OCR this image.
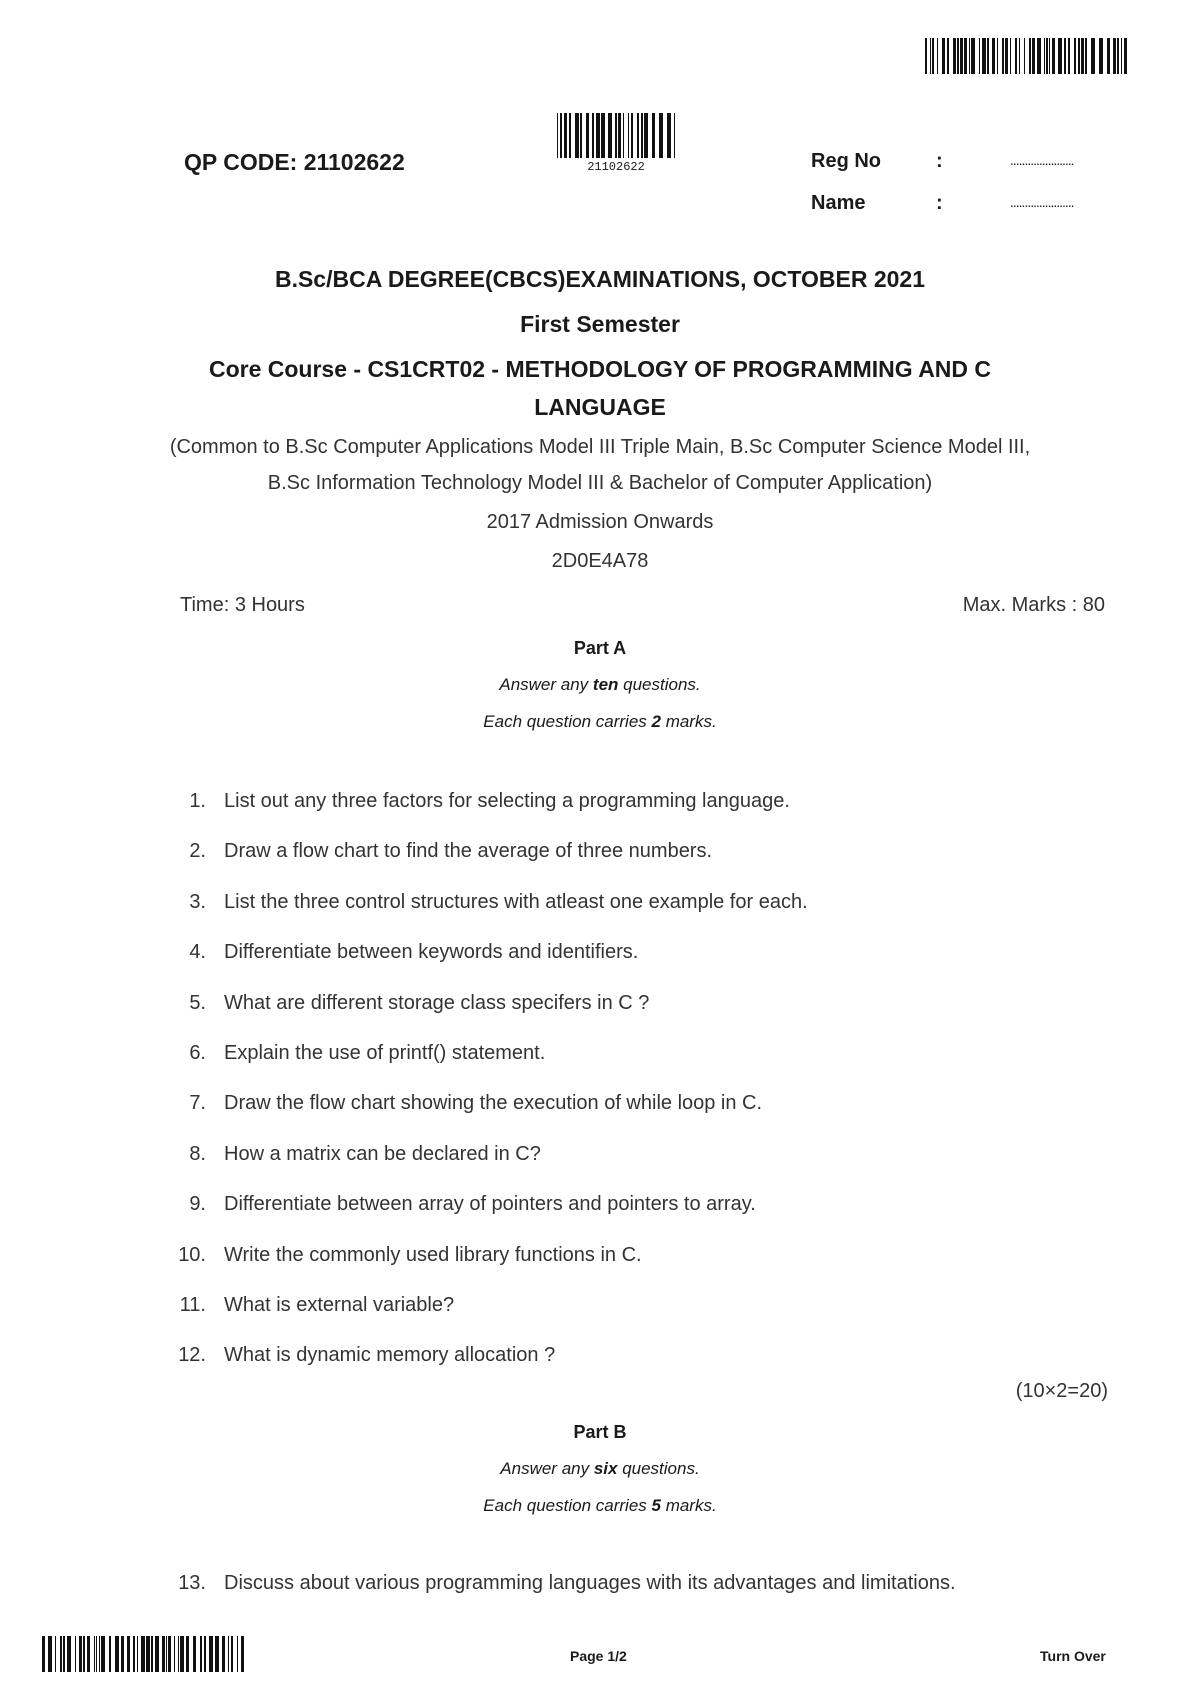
QP CODE: 21102622	21102622	Reg No	:	......................
Name	:	......................
B.Sc/BCA DEGREE(CBCS)EXAMINATIONS, OCTOBER 2021
First Semester
Core Course - CS1CRT02 - METHODOLOGY OF PROGRAMMING AND C
LANGUAGE
(Common to B.Sc Computer Applications Model III Triple Main, B.Sc Computer Science Model III,
B.Sc Information Technology Model III & Bachelor of Computer Application)
2017 Admission Onwards
2D0E4A78
Time: 3 Hours	Max. Marks : 80
Part A
Answer any ten questions.
Each question carries 2 marks.
1. List out any three factors for selecting a programming language.
2. Draw a flow chart to find the average of three numbers.
3. List the three control structures with atleast one example for each.
4. Differentiate between keywords and identifiers.
5. What are different storage class specifers in C ?
6. Explain the use of printf() statement.
7. Draw the flow chart showing the execution of while loop in C.
8. How a matrix can be declared in C?
9. Differentiate between array of pointers and pointers to array.
10. Write the commonly used library functions in C.
11. What is external variable?
12. What is dynamic memory allocation ?
(10×2=20)
Part B
Answer any six questions.
Each question carries 5 marks.
13. Discuss about various programming languages with its advantages and limitations.
Page 1/2	Turn Over
